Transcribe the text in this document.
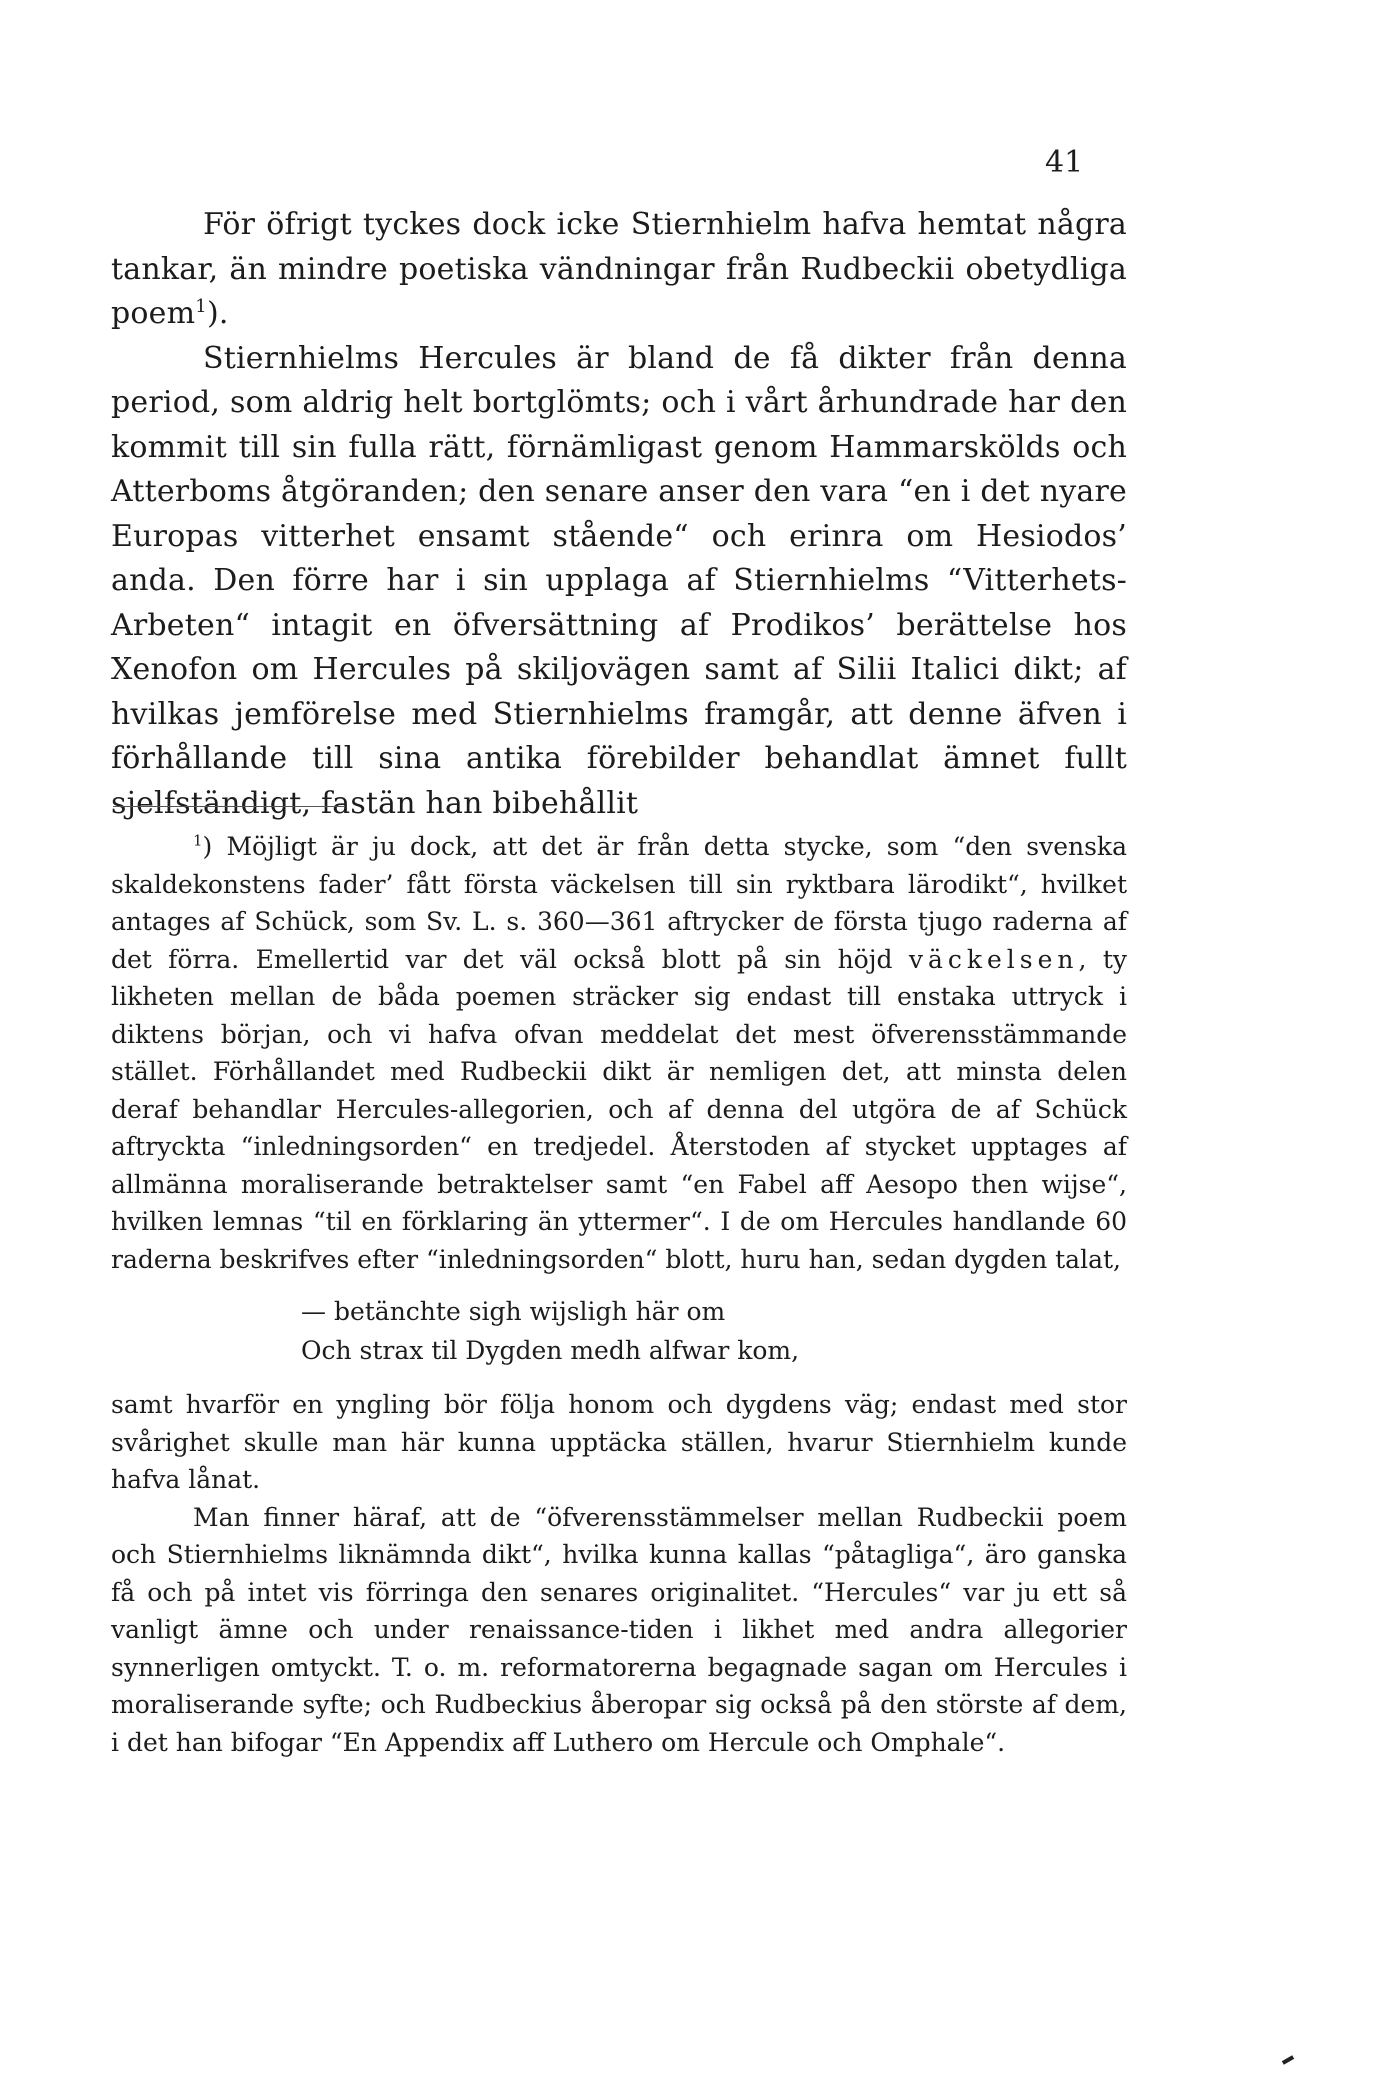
41

För öfrigt tyckes dock icke Stiernhielm hafva hemtat några tankar, än mindre poetiska vändningar från Rudbeckii obetydliga poem$^1$).

Stiernhielms Hercules är bland de få dikter från denna period, som aldrig helt bortglömts; och i vårt århundrade har den kommit till sin fulla rätt, förnämligast genom Hammarskölds och Atterboms åtgöranden; den senare anser den vara “en i det nyare Europas vitterhet ensamt stående“ och erinra om Hesiodos’ anda. Den förre har i sin upplaga af Stiernhielms “Vitterhets-Arbeten“ intagit en öfversättning af Prodikos’ berättelse hos Xenofon om Hercules på skiljovägen samt af Silii Italici dikt; af hvilkas jemförelse med Stiernhielms framgår, att denne äfven i förhållande till sina antika förebilder behandlat ämnet fullt sjelfständigt, fastän han bibehållit

$^1$) Möjligt är ju dock, att det är från detta stycke, som “den svenska skaldekonstens fader’ fått första väckelsen till sin ryktbara lärodikt“, hvilket antages af Schück, som Sv. L. s. 360—361 aftrycker de första tjugo raderna af det förra. Emellertid var det väl också blott på sin höjd väckelsen, ty likheten mellan de båda poemen sträcker sig endast till enstaka uttryck i diktens början, och vi hafva ofvan meddelat det mest öfverensstämmande stället. Förhållandet med Rudbeckii dikt är nemligen det, att minsta delen deraf behandlar Hercules-allegorien, och af denna del utgöra de af Schück aftryckta “inledningsorden“ en tredjedel. Återstoden af stycket upptages af allmänna moraliserande betraktelser samt “en Fabel aff Aesopo then wijse“, hvilken lemnas “til en förklaring än yttermer“. I de om Hercules handlande 60 raderna beskrifves efter “inledningsorden“ blott, huru han, sedan dygden talat,

— betänchte sigh wijsligh här om
Och strax til Dygden medh alfwar kom,

samt hvarför en yngling bör följa honom och dygdens väg; endast med stor svårighet skulle man här kunna upptäcka ställen, hvarur Stiernhielm kunde hafva lånat.

Man finner häraf, att de “öfverensstämmelser mellan Rudbeckii poem och Stiernhielms liknämnda dikt“, hvilka kunna kallas “påtagliga“, äro ganska få och på intet vis förringa den senares originalitet. “Hercules“ var ju ett så vanligt ämne och under renaissance-tiden i likhet med andra allegorier synnerligen omtyckt. T. o. m. reformatorerna begagnade sagan om Hercules i moraliserande syfte; och Rudbeckius åberopar sig också på den störste af dem, i det han bifogar “En Appendix aff Luthero om Hercule och Omphale“.
